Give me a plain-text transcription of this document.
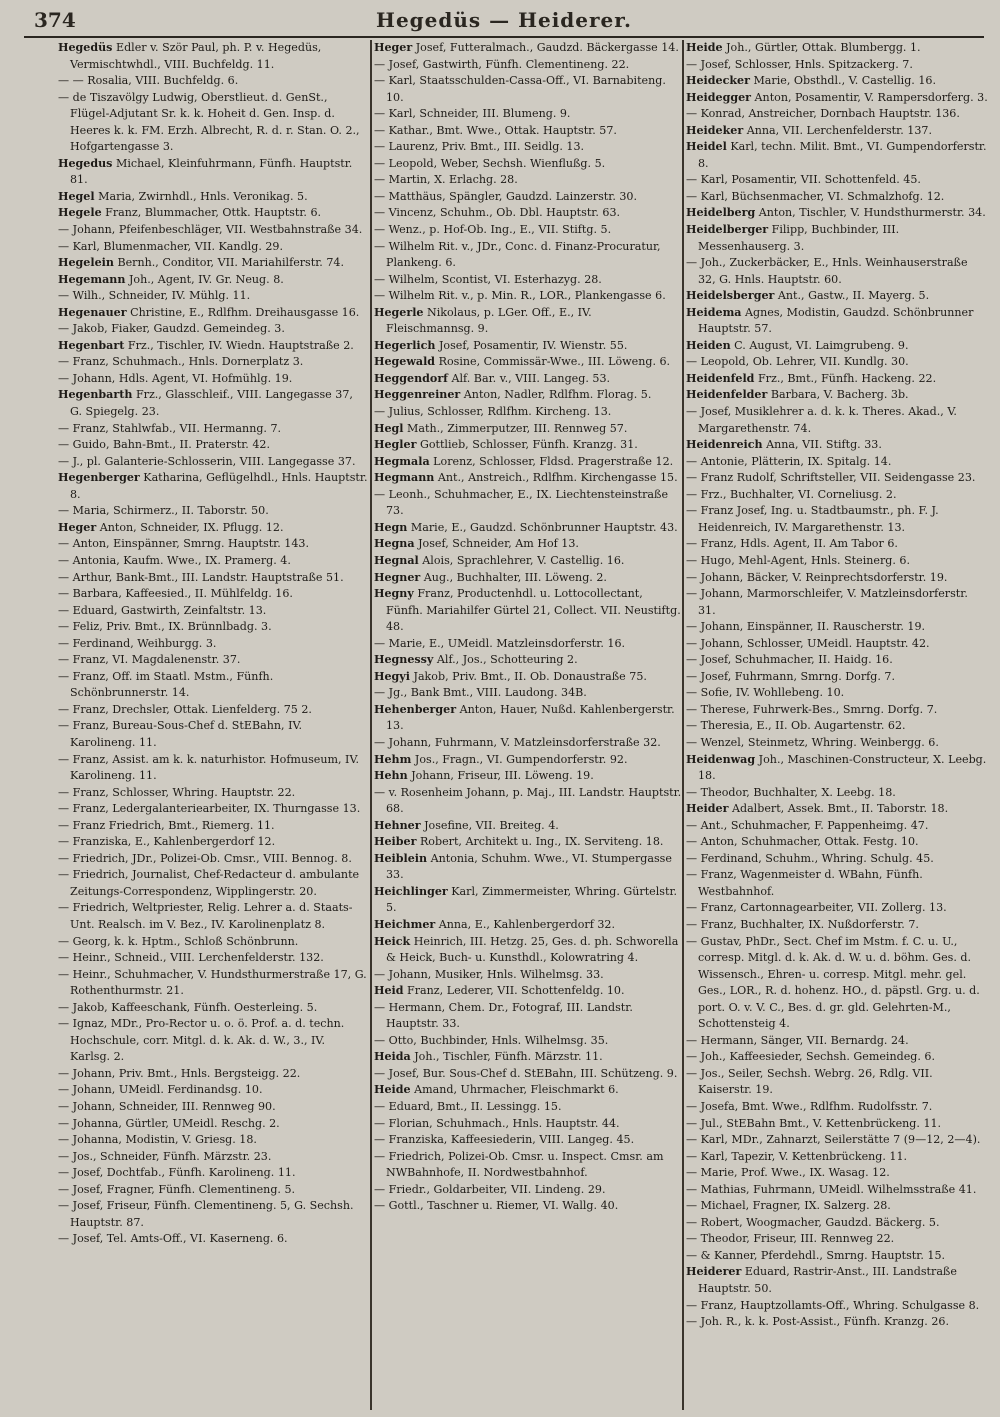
374	Hegedüs — Heiderer.

Hegedüs Edler v. Ször Paul, ph. P. v. Hegedüs, Vermischtwhdl., VIII. Buchfeldg. 11.

— — Rosalia, VIII. Buchfeldg. 6.

— de Tiszavölgy Ludwig, Oberstlieut. d. GenSt., Flügel-Adjutant Sr. k. k. Hoheit d. Gen. Insp. d. Heeres k. k. FM. Erzh. Albrecht, R. d. r. Stan. O. 2., Hofgartengasse 3.

Hegedus Michael, Kleinfuhrmann, Fünfh. Hauptstr. 81.

Hegel Maria, Zwirnhdl., Hnls. Veronikag. 5.

Hegele Franz, Blummacher, Ottk. Hauptstr. 6.

— Johann, Pfeifenbeschläger, VII. Westbahnstraße 34.

— Karl, Blumenmacher, VII. Kandlg. 29.

Hegelein Bernh., Conditor, VII. Mariahilferstr. 74.

Hegemann Joh., Agent, IV. Gr. Neug. 8.

— Wilh., Schneider, IV. Mühlg. 11.

Hegenauer Christine, E., Rdlfhm. Dreihausgasse 16.

— Jakob, Fiaker, Gaudzd. Gemeindeg. 3.

Hegenbart Frz., Tischler, IV. Wiedn. Hauptstraße 2.

— Franz, Schuhmach., Hnls. Dornerplatz 3.

— Johann, Hdls. Agent, VI. Hofmühlg. 19.

Hegenbarth Frz., Glasschleif., VIII. Langegasse 37, G. Spiegelg. 23.

— Franz, Stahlwfab., VII. Hermanng. 7.

— Guido, Bahn-Bmt., II. Praterstr. 42.

— J., pl. Galanterie-Schlosserin, VIII. Langegasse 37.

Hegenberger Katharina, Geflügelhdl., Hnls. Hauptstr. 8.

— Maria, Schirmerz., II. Taborstr. 50.

Heger Anton, Schneider, IX. Pflugg. 12.

— Anton, Einspänner, Smrng. Hauptstr. 143.

— Antonia, Kaufm. Wwe., IX. Pramerg. 4.

— Arthur, Bank-Bmt., III. Landstr. Hauptstraße 51.

— Barbara, Kaffeesied., II. Mühlfeldg. 16.

— Eduard, Gastwirth, Zeinfaltstr. 13.

— Feliz, Priv. Bmt., IX. Brünnlbadg. 3.

— Ferdinand, Weihburgg. 3.

— Franz, VI. Magdalenenstr. 37.

— Franz, Off. im Staatl. Mstm., Fünfh. Schönbrunnerstr. 14.

— Franz, Drechsler, Ottak. Lienfelderg. 75 2.

— Franz, Bureau-Sous-Chef d. StEBahn, IV. Karolineng. 11.

— Franz, Assist. am k. k. naturhistor. Hofmuseum, IV. Karolineng. 11.

— Franz, Schlosser, Whring. Hauptstr. 22.

— Franz, Ledergalanteriearbeiter, IX. Thurngasse 13.

— Franz Friedrich, Bmt., Riemerg. 11.

— Franziska, E., Kahlenbergerdorf 12.

— Friedrich, JDr., Polizei-Ob. Cmsr., VIII. Bennog. 8.

— Friedrich, Journalist, Chef-Redacteur d. ambulante Zeitungs-Correspondenz, Wipplingerstr. 20.

— Friedrich, Weltpriester, Relig. Lehrer a. d. Staats-Unt. Realsch. im V. Bez., IV. Karolinenplatz 8.

— Georg, k. k. Hptm., Schloß Schönbrunn.

— Heinr., Schneid., VIII. Lerchenfelderstr. 132.

— Heinr., Schuhmacher, V. Hundsthurmerstraße 17, G. Rothenthurmstr. 21.

— Jakob, Kaffeeschank, Fünfh. Oesterleing. 5.

— Ignaz, MDr., Pro-Rector u. o. ö. Prof. a. d. techn. Hochschule, corr. Mitgl. d. k. Ak. d. W., 3., IV. Karlsg. 2.

— Johann, Priv. Bmt., Hnls. Bergsteigg. 22.

— Johann, UMeidl. Ferdinandsg. 10.

— Johann, Schneider, III. Rennweg 90.

— Johanna, Gürtler, UMeidl. Reschg. 2.

— Johanna, Modistin, V. Griesg. 18.

— Jos., Schneider, Fünfh. Märzstr. 23.

— Josef, Dochtfab., Fünfh. Karolineng. 11.

— Josef, Fragner, Fünfh. Clementineng. 5.

— Josef, Friseur, Fünfh. Clementineng. 5, G. Sechsh. Hauptstr. 87.

— Josef, Tel. Amts-Off., VI. Kaserneng. 6.

Heger Josef, Futteralmach., Gaudzd. Bäckergasse 14.

— Josef, Gastwirth, Fünfh. Clementineng. 22.

— Karl, Staatsschulden-Cassa-Off., VI. Barnabiteng. 10.

— Karl, Schneider, III. Blumeng. 9.

— Kathar., Bmt. Wwe., Ottak. Hauptstr. 57.

— Laurenz, Priv. Bmt., III. Seidlg. 13.

— Leopold, Weber, Sechsh. Wienflußg. 5.

— Martin, X. Erlachg. 28.

— Matthäus, Spängler, Gaudzd. Lainzerstr. 30.

— Vincenz, Schuhm., Ob. Dbl. Hauptstr. 63.

— Wenz., p. Hof-Ob. Ing., E., VII. Stiftg. 5.

— Wilhelm Rit. v., JDr., Conc. d. Finanz-Procuratur, Plankeng. 6.

— Wilhelm, Scontist, VI. Esterhazyg. 28.

— Wilhelm Rit. v., p. Min. R., LOR., Plankengasse 6.

Hegerle Nikolaus, p. LGer. Off., E., IV. Fleischmannsg. 9.

Hegerlich Josef, Posamentir, IV. Wienstr. 55.

Hegewald Rosine, Commissär-Wwe., III. Löweng. 6.

Heggendorf Alf. Bar. v., VIII. Langeg. 53.

Heggenreiner Anton, Nadler, Rdlfhm. Florag. 5.

— Julius, Schlosser, Rdlfhm. Kircheng. 13.

Hegl Math., Zimmerputzer, III. Rennweg 57.

Hegler Gottlieb, Schlosser, Fünfh. Kranzg. 31.

Hegmala Lorenz, Schlosser, Fldsd. Pragerstraße 12.

Hegmann Ant., Anstreich., Rdlfhm. Kirchengasse 15.

— Leonh., Schuhmacher, E., IX. Liechtensteinstraße 73.

Hegn Marie, E., Gaudzd. Schönbrunner Hauptstr. 43.

Hegna Josef, Schneider, Am Hof 13.

Hegnal Alois, Sprachlehrer, V. Castellig. 16.

Hegner Aug., Buchhalter, III. Löweng. 2.

Hegny Franz, Productenhdl. u. Lottocollectant, Fünfh. Mariahilfer Gürtel 21, Collect. VII. Neustiftg. 48.

— Marie, E., UMeidl. Matzleinsdorferstr. 16.

Hegnessy Alf., Jos., Schotteuring 2.

Hegyi Jakob, Priv. Bmt., II. Ob. Donaustraße 75.

— Jg., Bank Bmt., VIII. Laudong. 34B.

Hehenberger Anton, Hauer, Nußd. Kahlenbergerstr. 13.

— Johann, Fuhrmann, V. Matzleinsdorferstraße 32.

Hehm Jos., Fragn., VI. Gumpendorferstr. 92.

Hehn Johann, Friseur, III. Löweng. 19.

— v. Rosenheim Johann, p. Maj., III. Landstr. Hauptstr. 68.

Hehner Josefine, VII. Breiteg. 4.

Heiber Robert, Architekt u. Ing., IX. Serviteng. 18.

Heiblein Antonia, Schuhm. Wwe., VI. Stumpergasse 33.

Heichlinger Karl, Zimmermeister, Whring. Gürtelstr. 5.

Heichmer Anna, E., Kahlenbergerdorf 32.

Heick Heinrich, III. Hetzg. 25, Ges. d. ph. Schworella & Heick, Buch- u. Kunsthdl., Kolowratring 4.

— Johann, Musiker, Hnls. Wilhelmsg. 33.

Heid Franz, Lederer, VII. Schottenfeldg. 10.

— Hermann, Chem. Dr., Fotograf, III. Landstr. Hauptstr. 33.

— Otto, Buchbinder, Hnls. Wilhelmsg. 35.

Heida Joh., Tischler, Fünfh. Märzstr. 11.

— Josef, Bur. Sous-Chef d. StEBahn, III. Schützeng. 9.

Heide Amand, Uhrmacher, Fleischmarkt 6.

— Eduard, Bmt., II. Lessingg. 15.

— Florian, Schuhmach., Hnls. Hauptstr. 44.

— Franziska, Kaffeesiederin, VIII. Langeg. 45.

— Friedrich, Polizei-Ob. Cmsr. u. Inspect. Cmsr. am NWBahnhofe, II. Nordwestbahnhof.

— Friedr., Goldarbeiter, VII. Lindeng. 29.

— Gottl., Taschner u. Riemer, VI. Wallg. 40.

Heide Joh., Gürtler, Ottak. Blumbergg. 1.

— Josef, Schlosser, Hnls. Spitzackerg. 7.

Heidecker Marie, Obsthdl., V. Castellig. 16.

Heidegger Anton, Posamentir, V. Rampersdorferg. 3.

— Konrad, Anstreicher, Dornbach Hauptstr. 136.

Heideker Anna, VII. Lerchenfelderstr. 137.

Heidel Karl, techn. Milit. Bmt., VI. Gumpendorferstr. 8.

— Karl, Posamentir, VII. Schottenfeld. 45.

— Karl, Büchsenmacher, VI. Schmalzhofg. 12.

Heidelberg Anton, Tischler, V. Hundsthurmerstr. 34.

Heidelberger Filipp, Buchbinder, III. Messenhauserg. 3.

— Joh., Zuckerbäcker, E., Hnls. Weinhauserstraße 32, G. Hnls. Hauptstr. 60.

Heidelsberger Ant., Gastw., II. Mayerg. 5.

Heidema Agnes, Modistin, Gaudzd. Schönbrunner Hauptstr. 57.

Heiden C. August, VI. Laimgrubeng. 9.

— Leopold, Ob. Lehrer, VII. Kundlg. 30.

Heidenfeld Frz., Bmt., Fünfh. Hackeng. 22.

Heidenfelder Barbara, V. Bacherg. 3b.

— Josef, Musiklehrer a. d. k. k. Theres. Akad., V. Margarethenstr. 74.

Heidenreich Anna, VII. Stiftg. 33.

— Antonie, Plätterin, IX. Spitalg. 14.

— Franz Rudolf, Schriftsteller, VII. Seidengasse 23.

— Frz., Buchhalter, VI. Corneliusg. 2.

— Franz Josef, Ing. u. Stadtbaumstr., ph. F. J. Heidenreich, IV. Margarethenstr. 13.

— Franz, Hdls. Agent, II. Am Tabor 6.

— Hugo, Mehl-Agent, Hnls. Steinerg. 6.

— Johann, Bäcker, V. Reinprechtsdorferstr. 19.

— Johann, Marmorschleifer, V. Matzleinsdorferstr. 31.

— Johann, Einspänner, II. Rauscherstr. 19.

— Johann, Schlosser, UMeidl. Hauptstr. 42.

— Josef, Schuhmacher, II. Haidg. 16.

— Josef, Fuhrmann, Smrng. Dorfg. 7.

— Sofie, IV. Wohllebeng. 10.

— Therese, Fuhrwerk-Bes., Smrng. Dorfg. 7.

— Theresia, E., II. Ob. Augartenstr. 62.

— Wenzel, Steinmetz, Whring. Weinbergg. 6.

Heidenwag Joh., Maschinen-Constructeur, X. Leebg. 18.

— Theodor, Buchhalter, X. Leebg. 18.

Heider Adalbert, Assek. Bmt., II. Taborstr. 18.

— Ant., Schuhmacher, F. Pappenheimg. 47.

— Anton, Schuhmacher, Ottak. Festg. 10.

— Ferdinand, Schuhm., Whring. Schulg. 45.

— Franz, Wagenmeister d. WBahn, Fünfh. Westbahnhof.

— Franz, Cartonnagearbeiter, VII. Zollerg. 13.

— Franz, Buchhalter, IX. Nußdorferstr. 7.

— Gustav, PhDr., Sect. Chef im Mstm. f. C. u. U., corresp. Mitgl. d. k. Ak. d. W. u. d. böhm. Ges. d. Wissensch., Ehren- u. corresp. Mitgl. mehr. gel. Ges., LOR., R. d. hohenz. HO., d. päpstl. Grg. u. d. port. O. v. V. C., Bes. d. gr. gld. Gelehrten-M., Schottensteig 4.

— Hermann, Sänger, VII. Bernardg. 24.

— Joh., Kaffeesieder, Sechsh. Gemeindeg. 6.

— Jos., Seiler, Sechsh. Webrg. 26, Rdlg. VII. Kaiserstr. 19.

— Josefa, Bmt. Wwe., Rdlfhm. Rudolfsstr. 7.

— Jul., StEBahn Bmt., V. Kettenbrückeng. 11.

— Karl, MDr., Zahnarzt, Seilerstätte 7 (9—12, 2—4).

— Karl, Tapezir, V. Kettenbrückeng. 11.

— Marie, Prof. Wwe., IX. Wasag. 12.

— Mathias, Fuhrmann, UMeidl. Wilhelmsstraße 41.

— Michael, Fragner, IX. Salzerg. 28.

— Robert, Woogmacher, Gaudzd. Bäckerg. 5.

— Theodor, Friseur, III. Rennweg 22.

— & Kanner, Pferdehdl., Smrng. Hauptstr. 15.

Heiderer Eduard, Rastrir-Anst., III. Landstraße Hauptstr. 50.

— Franz, Hauptzollamts-Off., Whring. Schulgasse 8.

— Joh. R., k. k. Post-Assist., Fünfh. Kranzg. 26.
